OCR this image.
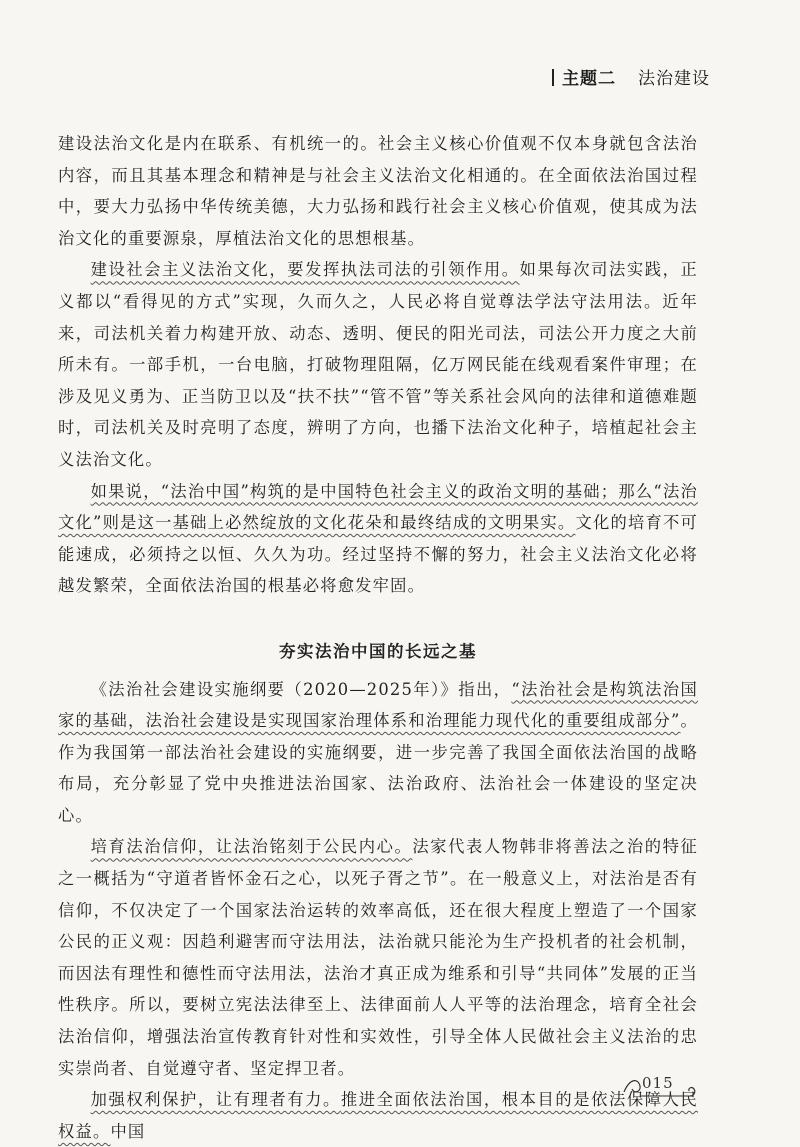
主题二 法治建设

建设法治文化是内在联系、有机统一的。社会主义核心价值观不仅本身就包含法治内容，而且其基本理念和精神是与社会主义法治文化相通的。在全面依法治国过程中，要大力弘扬中华传统美德，大力弘扬和践行社会主义核心价值观，使其成为法治文化的重要源泉，厚植法治文化的思想根基。

建设社会主义法治文化，要发挥执法司法的引领作用。如果每次司法实践，正义都以“看得见的方式”实现，久而久之，人民必将自觉尊法学法守法用法。近年来，司法机关着力构建开放、动态、透明、便民的阳光司法，司法公开力度之大前所未有。一部手机，一台电脑，打破物理阻隔，亿万网民能在线观看案件审理；在涉及见义勇为、正当防卫以及“扶不扶”“管不管”等关系社会风向的法律和道德难题时，司法机关及时亮明了态度，辨明了方向，也播下法治文化种子，培植起社会主义法治文化。

如果说，“法治中国”构筑的是中国特色社会主义的政治文明的基础；那么“法治文化”则是这一基础上必然绽放的文化花朵和最终结成的文明果实。文化的培育不可能速成，必须持之以恒、久久为功。经过坚持不懈的努力，社会主义法治文化必将越发繁荣，全面依法治国的根基必将愈发牢固。

夯实法治中国的长远之基

《法治社会建设实施纲要（2020—2025年）》指出，“法治社会是构筑法治国家的基础，法治社会建设是实现国家治理体系和治理能力现代化的重要组成部分”。作为我国第一部法治社会建设的实施纲要，进一步完善了我国全面依法治国的战略布局，充分彰显了党中央推进法治国家、法治政府、法治社会一体建设的坚定决心。

培育法治信仰，让法治铭刻于公民内心。法家代表人物韩非将善法之治的特征之一概括为“守道者皆怀金石之心，以死子胥之节”。在一般意义上，对法治是否有信仰，不仅决定了一个国家法治运转的效率高低，还在很大程度上塑造了一个国家公民的正义观：因趋利避害而守法用法，法治就只能沦为生产投机者的社会机制，而因法有理性和德性而守法用法，法治才真正成为维系和引导“共同体”发展的正当性秩序。所以，要树立宪法法律至上、法律面前人人平等的法治理念，培育全社会法治信仰，增强法治宣传教育针对性和实效性，引导全体人民做社会主义法治的忠实崇尚者、自觉遵守者、坚定捍卫者。

加强权利保护，让有理者有力。推进全面依法治国，根本目的是依法保障人民权益。中国

015
